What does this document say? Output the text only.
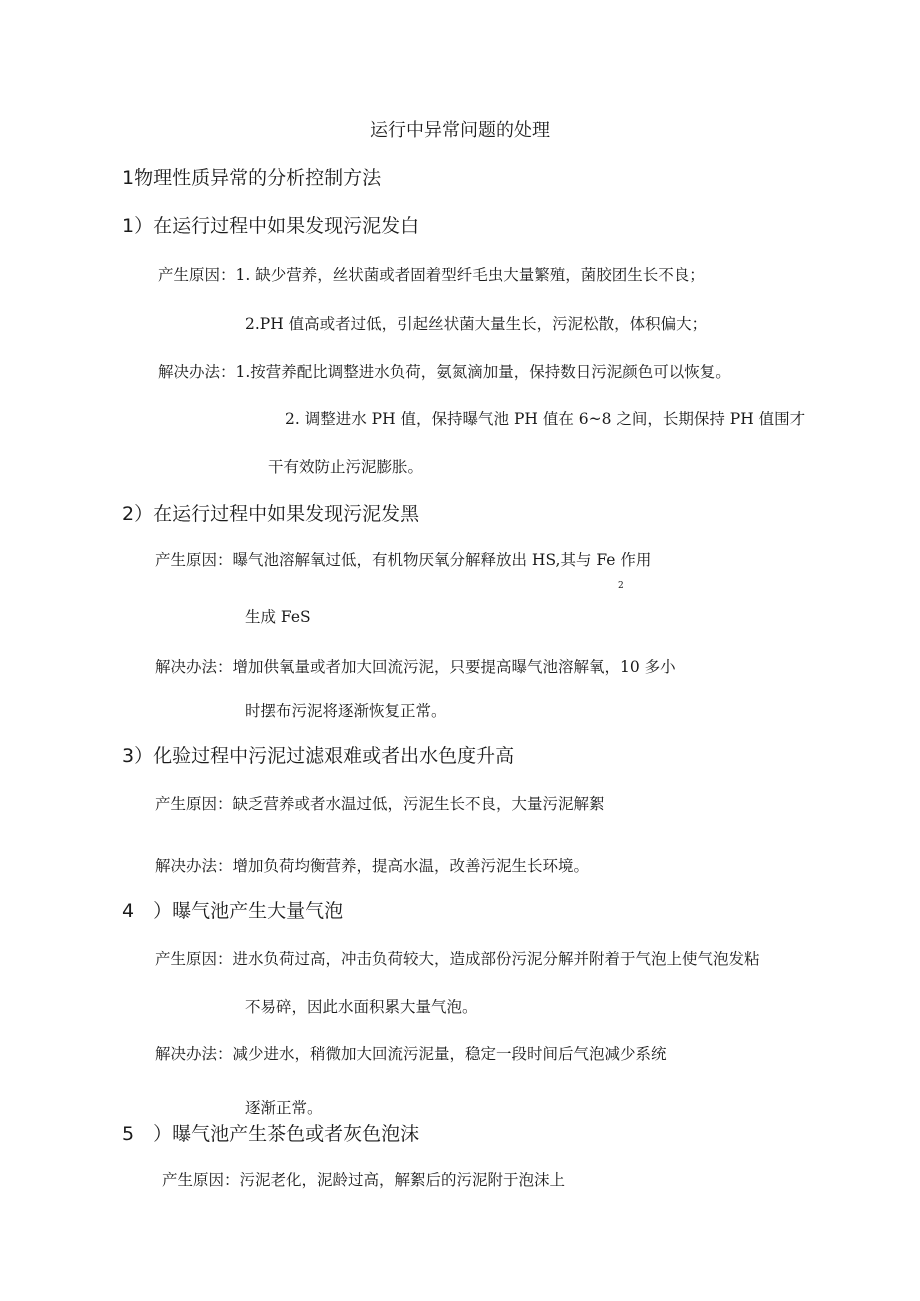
运行中异常问题的处理
1物理性质异常的分析控制方法
1）在运行过程中如果发现污泥发白
产生原因：1. 缺少营养，丝状菌或者固着型纤毛虫大量繁殖，菌胶团生长不良；
2.PH 值高或者过低，引起丝状菌大量生长，污泥松散，体积偏大；
解决办法：1.按营养配比调整进水负荷，氨氮滴加量，保持数日污泥颜色可以恢复。
2. 调整进水 PH 值，保持曝气池 PH 值在 6~8 之间，长期保持 PH 值围才
干有效防止污泥膨胀。
2）在运行过程中如果发现污泥发黑
产生原因：曝气池溶解氧过低，有机物厌氧分解释放出 HS,其与 Fe 作用
2
生成 FeS
解决办法：增加供氧量或者加大回流污泥，只要提高曝气池溶解氧，10 多小
时摆布污泥将逐渐恢复正常。
3）化验过程中污泥过滤艰难或者出水色度升高
产生原因：缺乏营养或者水温过低，污泥生长不良，大量污泥解絮
解决办法：增加负荷均衡营养，提高水温，改善污泥生长环境。
4　）曝气池产生大量气泡
产生原因：进水负荷过高，冲击负荷较大，造成部份污泥分解并附着于气泡上使气泡发粘
不易碎，因此水面积累大量气泡。
解决办法：减少进水，稍微加大回流污泥量，稳定一段时间后气泡减少系统
逐渐正常。
5　）曝气池产生茶色或者灰色泡沫
产生原因：污泥老化，泥龄过高，解絮后的污泥附于泡沫上
